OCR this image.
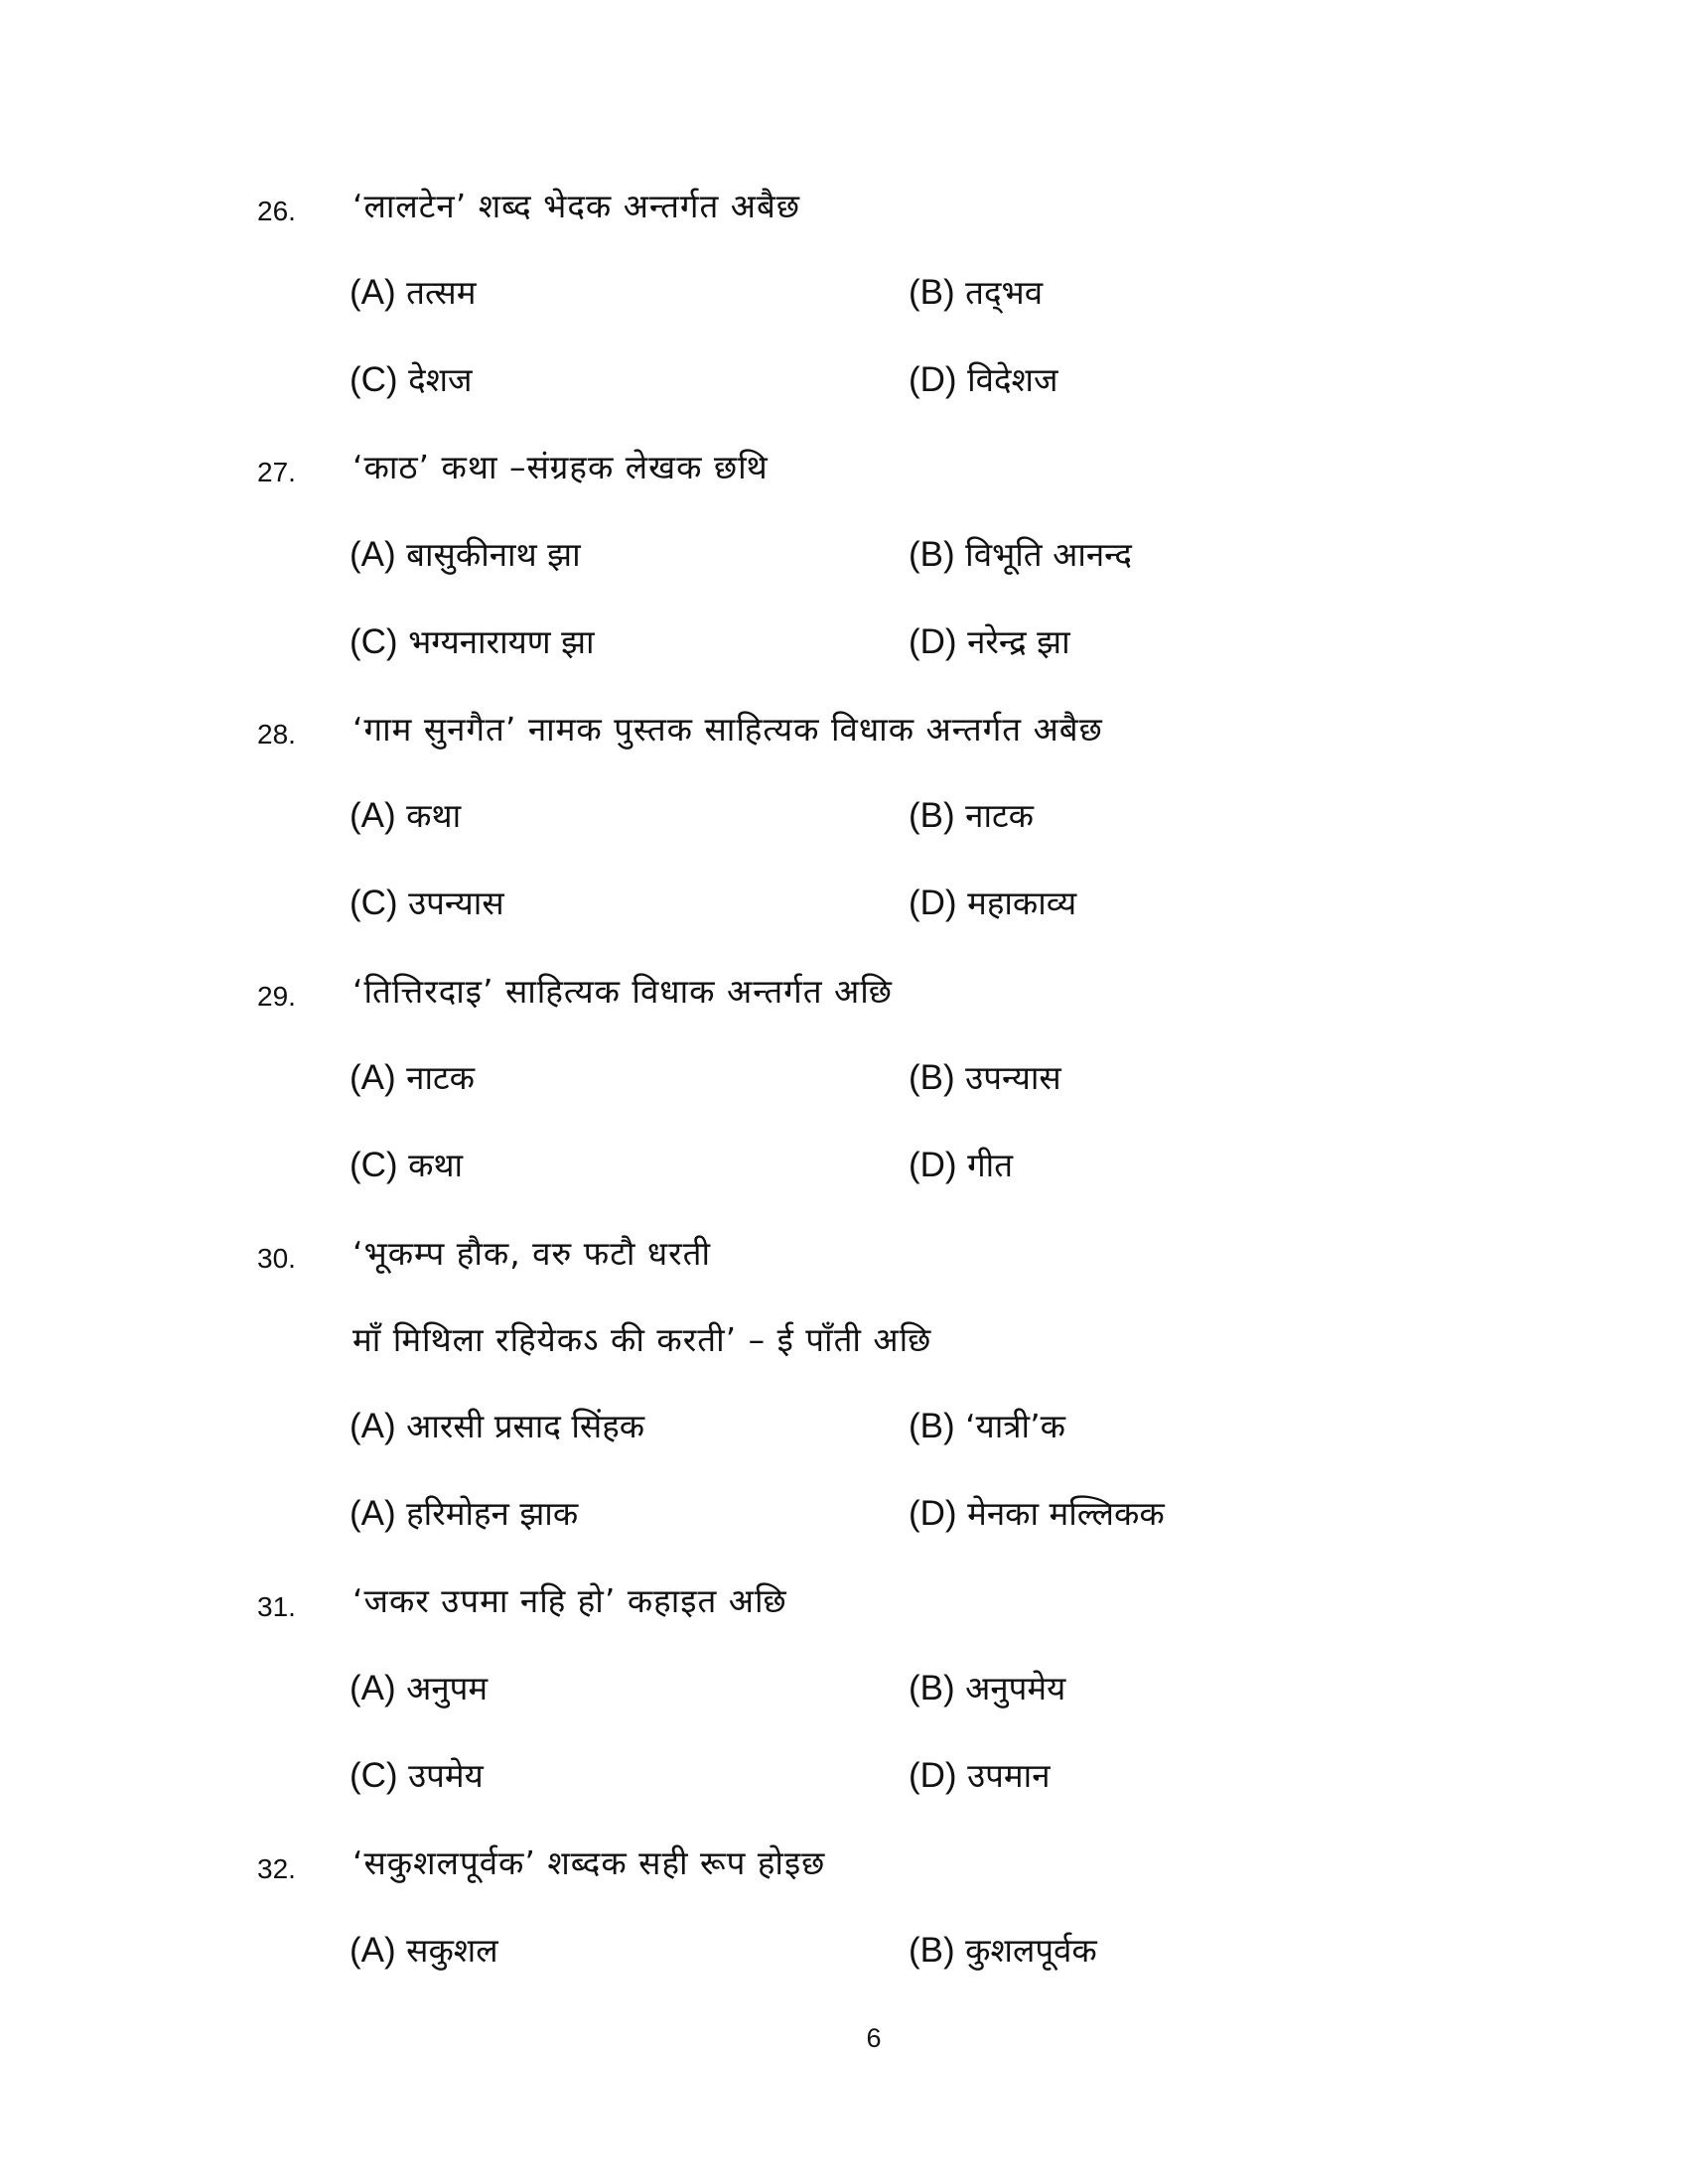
26. ‘लालटेन’ शब्द भेदक अन्तर्गत अबैछ
(A) तत्सम	(B) तद्‌भव
(C) देशज	(D) विदेशज
27. ‘काठ’ कथा –संग्रहक लेखक छथि
(A) बासुकीनाथ झा	(B) विभूति आनन्द
(C) भग्यनारायण झा	(D) नरेन्द्र झा
28. ‘गाम सुनगैत’ नामक पुस्तक साहित्यक विधाक अन्तर्गत अबैछ
(A) कथा	(B) नाटक
(C) उपन्यास	(D) महाकाव्य
29. ‘तित्तिरदाइ’ साहित्यक विधाक अन्तर्गत अछि
(A) नाटक	(B) उपन्यास
(C) कथा	(D) गीत
30. ‘भूकम्प हौक, वरु फटौ धरती
माँ मिथिला रहियेकऽ की करती’ – ई पाँती अछि
(A) आरसी प्रसाद सिंहक	(B) ‘यात्री’क
(A) हरिमोहन झाक	(D) मेनका मल्लिकक
31. ‘जकर उपमा नहि हो’ कहाइत अछि
(A) अनुपम	(B) अनुपमेय
(C) उपमेय	(D) उपमान
32. ‘सकुशलपूर्वक’ शब्दक सही रूप होइछ
(A) सकुशल	(B) कुशलपूर्वक
6
